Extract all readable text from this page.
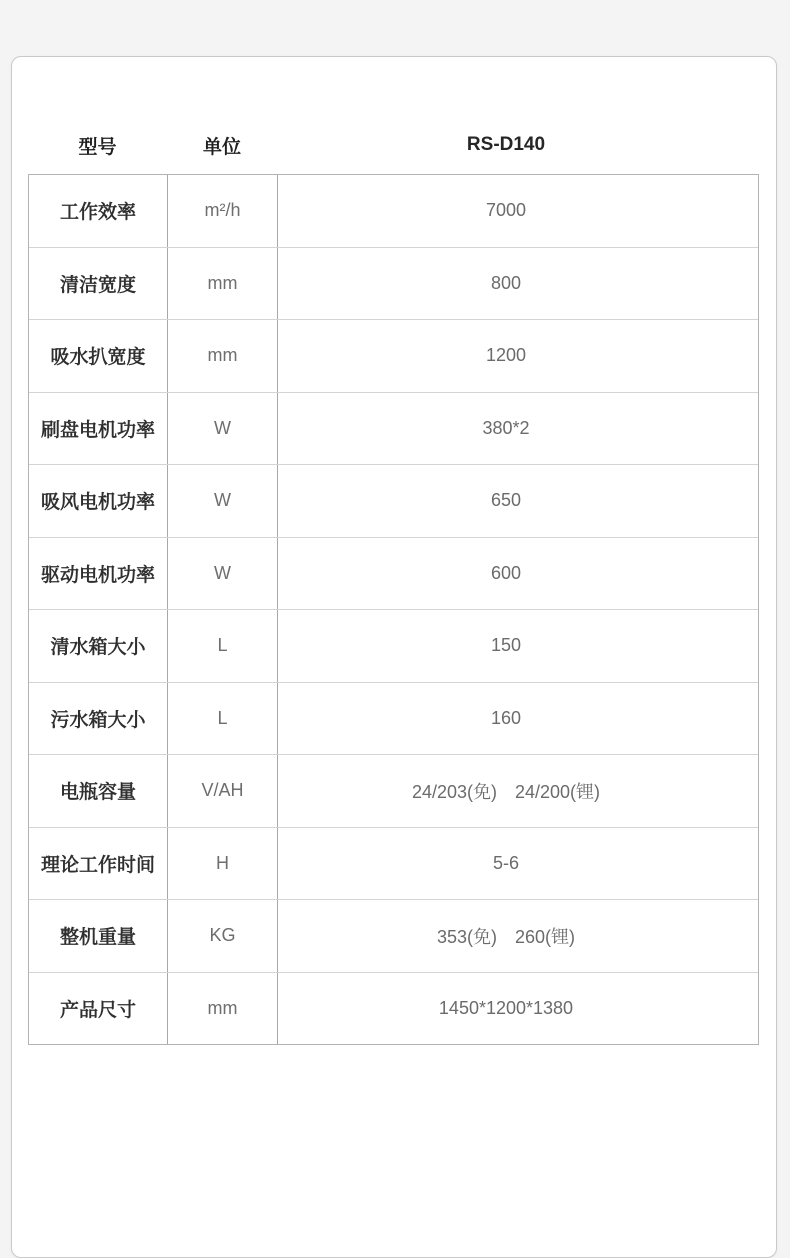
型号	单位	RS-D140
工作效率	m²/h	7000
清洁宽度	mm	800
吸水扒宽度	mm	1200
刷盘电机功率	W	380*2
吸风电机功率	W	650
驱动电机功率	W	600
清水箱大小	L	150
污水箱大小	L	160
电瓶容量	V/AH	24/203(免)　24/200(锂)
理论工作时间	H	5-6
整机重量	KG	353(免)　260(锂)
产品尺寸	mm	1450*1200*1380
